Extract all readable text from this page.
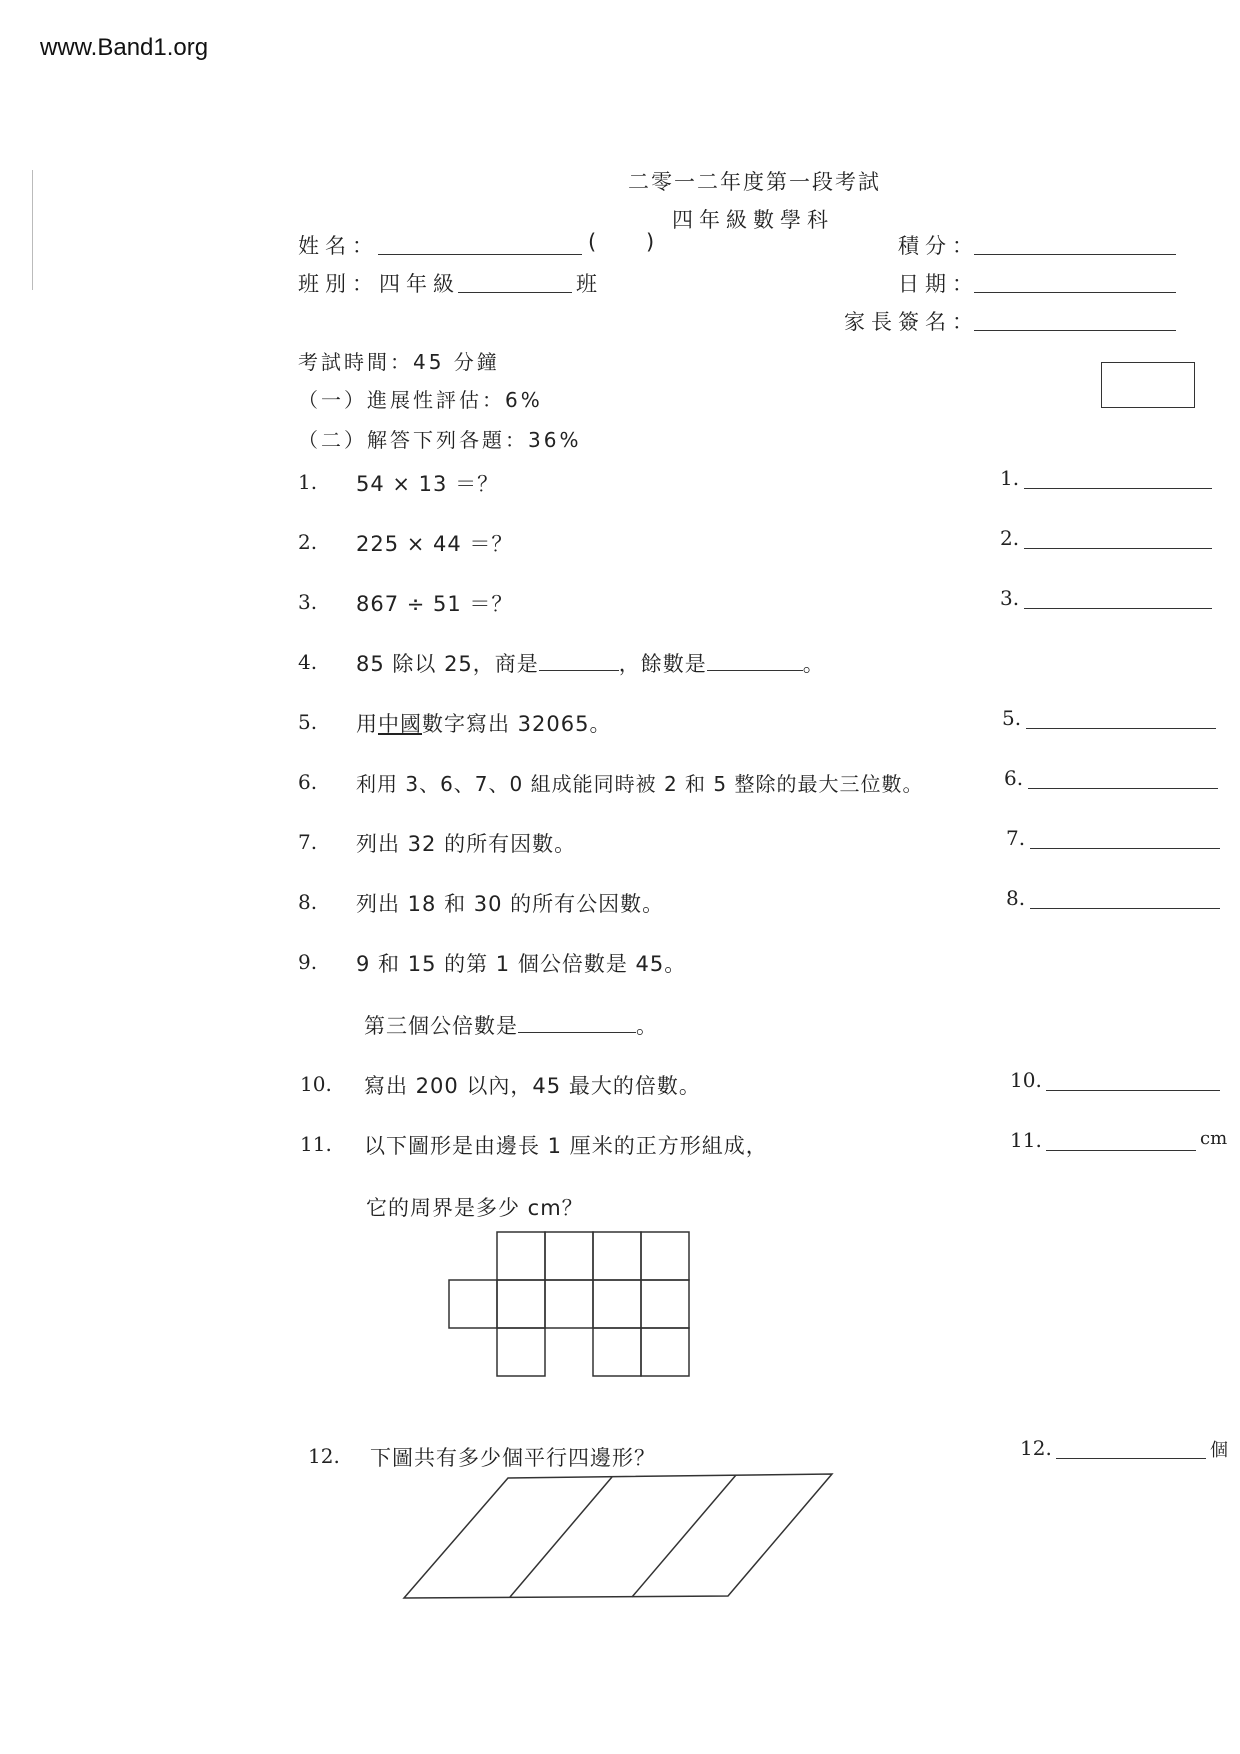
www.Band1.org
二零一二年度第一段考試
四年級數學科
姓名：	( )	積分：
班別：四年級	班	日期：
家長簽名：
考試時間：45 分鐘
（一）進展性評估：6%
（二）解答下列各題：36%
1. 54 × 13 ＝？
2. 225 × 44 ＝？
3. 867 ÷ 51 ＝？
4. 85 除以 25，商是	，餘數是	。
5. 用中國數字寫出 32065。
6. 利用 3、6、7、0 組成能同時被 2 和 5 整除的最大三位數。
7. 列出 32 的所有因數。
8. 列出 18 和 30 的所有公因數。
9. 9 和 15 的第 1 個公倍數是 45。
第三個公倍數是	。
10. 寫出 200 以內，45 最大的倍數。
11. 以下圖形是由邊長 1 厘米的正方形組成，
它的周界是多少 cm？
12. 下圖共有多少個平行四邊形？
1.
2.
3.
5.
6.
7.
8.
10.
11.	cm
12.	個
